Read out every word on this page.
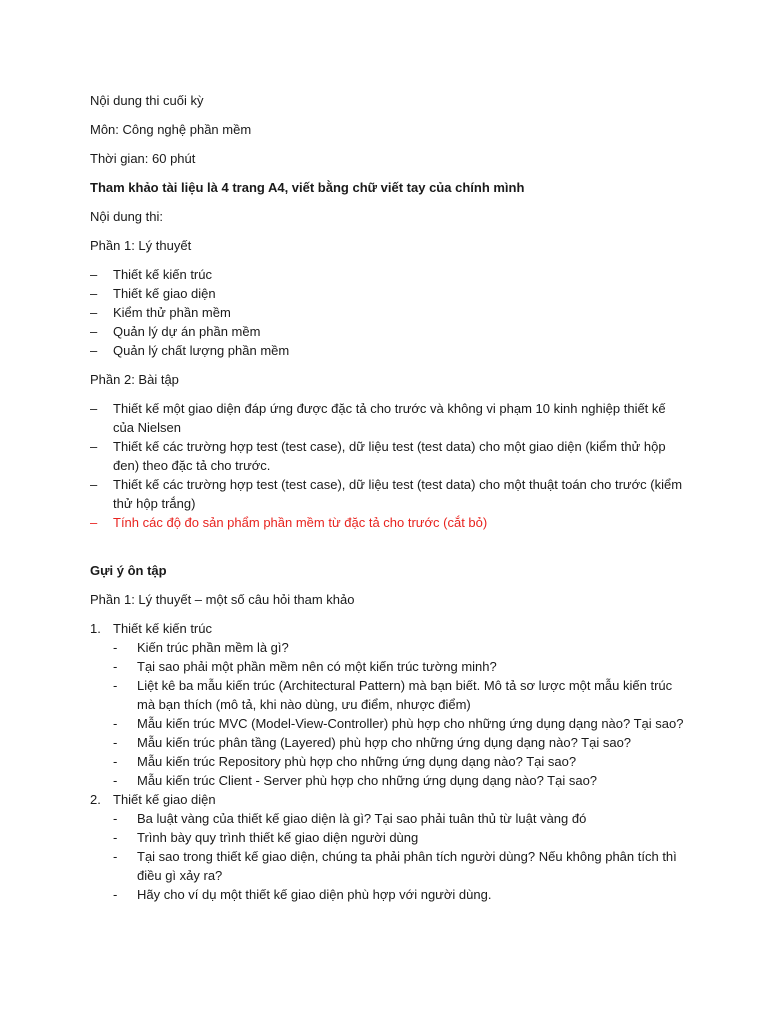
Nội dung thi cuối kỳ

Môn: Công nghệ phần mềm

Thời gian: 60 phút

Tham khảo tài liệu là 4 trang A4, viết bằng chữ viết tay của chính mình

Nội dung thi:

Phần 1: Lý thuyết

– Thiết kế kiến trúc
– Thiết kế giao diện
– Kiểm thử phần mềm
– Quản lý dự án phần mềm
– Quản lý chất lượng phần mềm

Phần 2: Bài tập

– Thiết kế một giao diện đáp ứng được đặc tả cho trước và không vi phạm 10 kinh nghiệp thiết kế của Nielsen
– Thiết kế các trường hợp test (test case), dữ liệu test (test data) cho một giao diện (kiểm thử hộp đen) theo đặc tả cho trước.
– Thiết kế các trường hợp test (test case), dữ liệu test (test data) cho một thuật toán cho trước (kiểm thử hộp trắng)
– Tính các độ đo sản phẩm phần mềm từ đặc tả cho trước (cắt bỏ)

Gựi ý ôn tập

Phần 1: Lý thuyết – một số câu hỏi tham khảo

1. Thiết kế kiến trúc
- Kiến trúc phần mềm là gì?
- Tại sao phải một phần mềm nên có một kiến trúc tường minh?
- Liệt kê ba mẫu kiến trúc (Architectural Pattern) mà bạn biết. Mô tả sơ lược một mẫu kiến trúc mà bạn thích (mô tả, khi nào dùng, ưu điểm, nhược điểm)
- Mẫu kiến trúc MVC (Model-View-Controller) phù hợp cho những ứng dụng dạng nào? Tại sao?
- Mẫu kiến trúc phân tầng (Layered) phù hợp cho những ứng dụng dạng nào? Tại sao?
- Mẫu kiến trúc Repository phù hợp cho những ứng dụng dạng nào? Tại sao?
- Mẫu kiến trúc Client - Server phù hợp cho những ứng dụng dạng nào? Tại sao?
2. Thiết kế giao diện
- Ba luật vàng của thiết kế giao diện là gì? Tại sao phải tuân thủ từ luật vàng đó
- Trình bày quy trình thiết kế giao diện người dùng
- Tại sao trong thiết kế giao diện, chúng ta phải phân tích người dùng? Nếu không phân tích thì điều gì xảy ra?
- Hãy cho ví dụ một thiết kế giao diện phù hợp với người dùng.
